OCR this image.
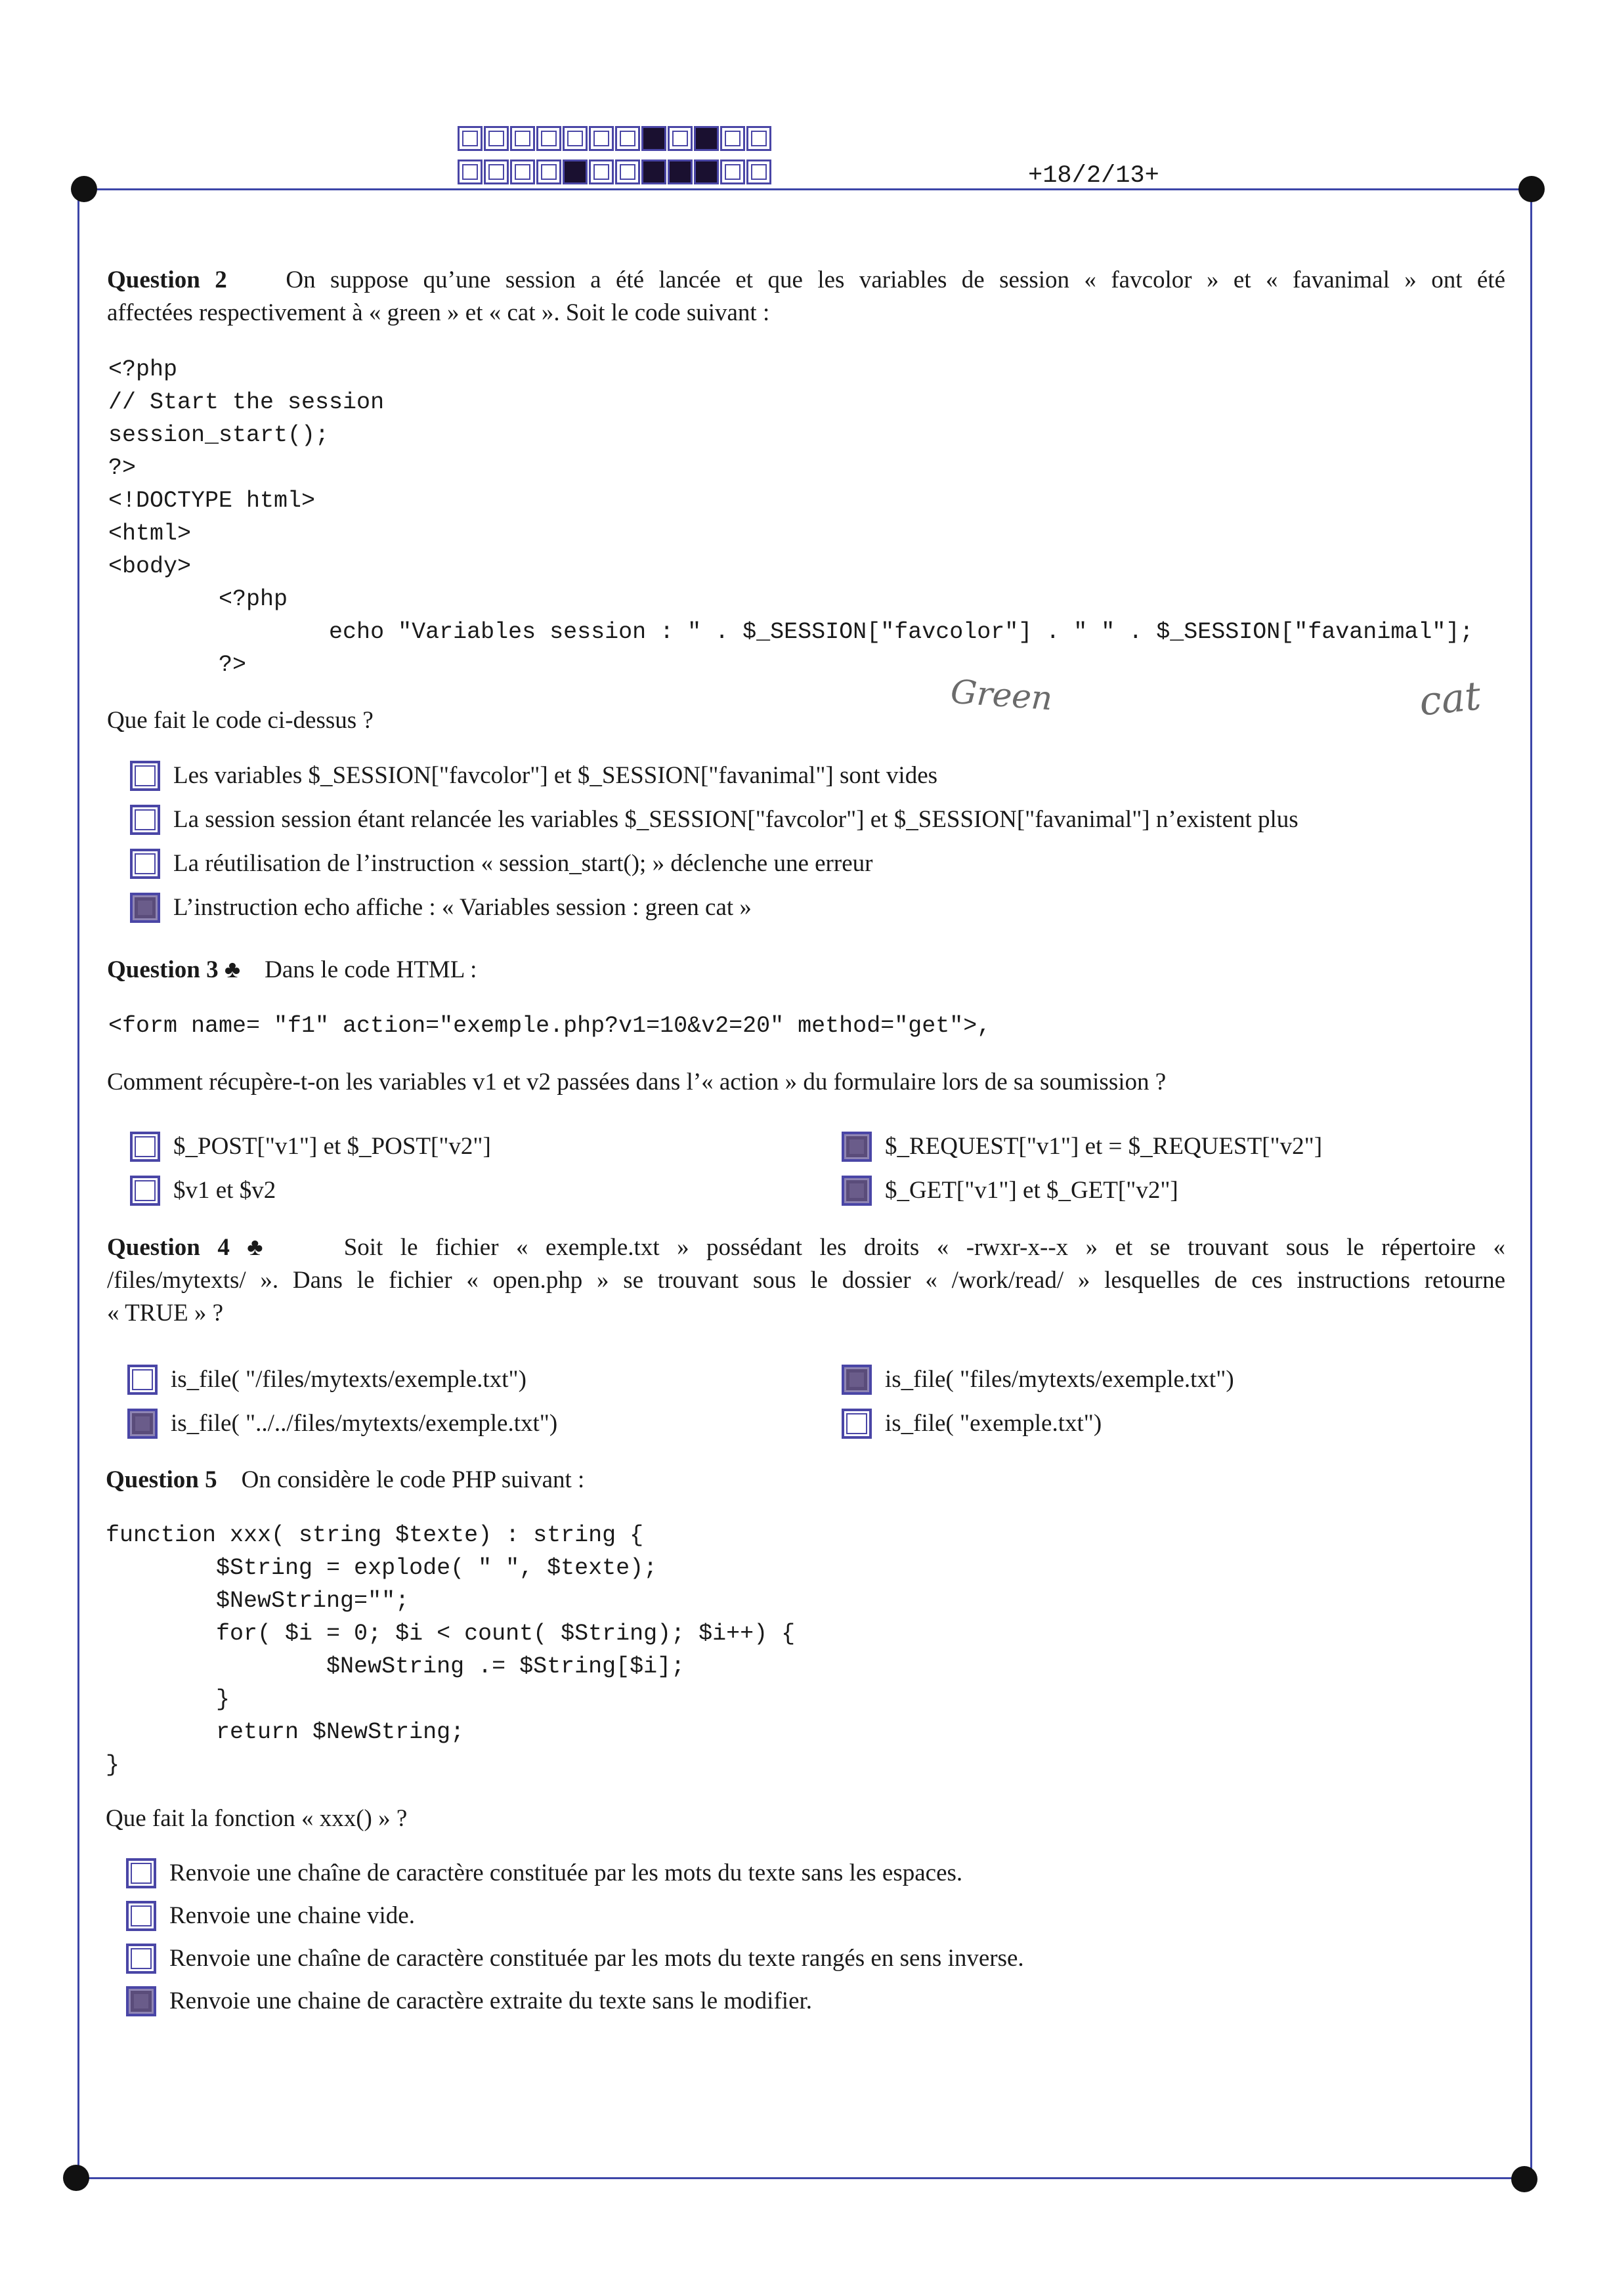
+18/2/13+
Question 2 On suppose qu’une session a été lancée et que les variables de session « favcolor » et « favanimal » ont été
affectées respectivement à « green » et « cat ». Soit le code suivant :
<?php
// Start the session
session_start();
?>
<!DOCTYPE html>
<html>
<body>
<?php
echo "Variables session : " . $_SESSION["favcolor"] . " " . $_SESSION["favanimal"];
?>
Green	cat
Que fait le code ci-dessus ?
Les variables $_SESSION["favcolor"] et $_SESSION["favanimal"] sont vides
La session session étant relancée les variables $_SESSION["favcolor"] et $_SESSION["favanimal"] n’existent plus
La réutilisation de l’instruction « session_start(); » déclenche une erreur
L’instruction echo affiche : « Variables session : green cat »
Question 3 ♣ Dans le code HTML :
<form name= "f1" action="exemple.php?v1=10&v2=20" method="get">,
Comment récupère-t-on les variables v1 et v2 passées dans l’« action » du formulaire lors de sa soumission ?
$_POST["v1"] et $_POST["v2"]
$v1 et $v2
$_REQUEST["v1"] et = $_REQUEST["v2"]
$_GET["v1"] et $_GET["v2"]
Question 4 ♣	Soit le fichier « exemple.txt » possédant les droits « -rwxr-x--x » et se trouvant sous le répertoire «
/files/mytexts/ ». Dans le fichier « open.php » se trouvant sous le dossier « /work/read/ » lesquelles de ces instructions retourne
« TRUE » ?
is_file( "/files/mytexts/exemple.txt")
is_file( "../../files/mytexts/exemple.txt")
is_file( "files/mytexts/exemple.txt")
is_file( "exemple.txt")
Question 5 On considère le code PHP suivant :
function xxx( string $texte) : string {
$String = explode( " ", $texte);
$NewString="";
for( $i = 0; $i < count( $String); $i++) {
$NewString .= $String[$i];
}
return $NewString;
}
Que fait la fonction « xxx() » ?
Renvoie une chaîne de caractère constituée par les mots du texte sans les espaces.
Renvoie une chaine vide.
Renvoie une chaîne de caractère constituée par les mots du texte rangés en sens inverse.
Renvoie une chaine de caractère extraite du texte sans le modifier.
